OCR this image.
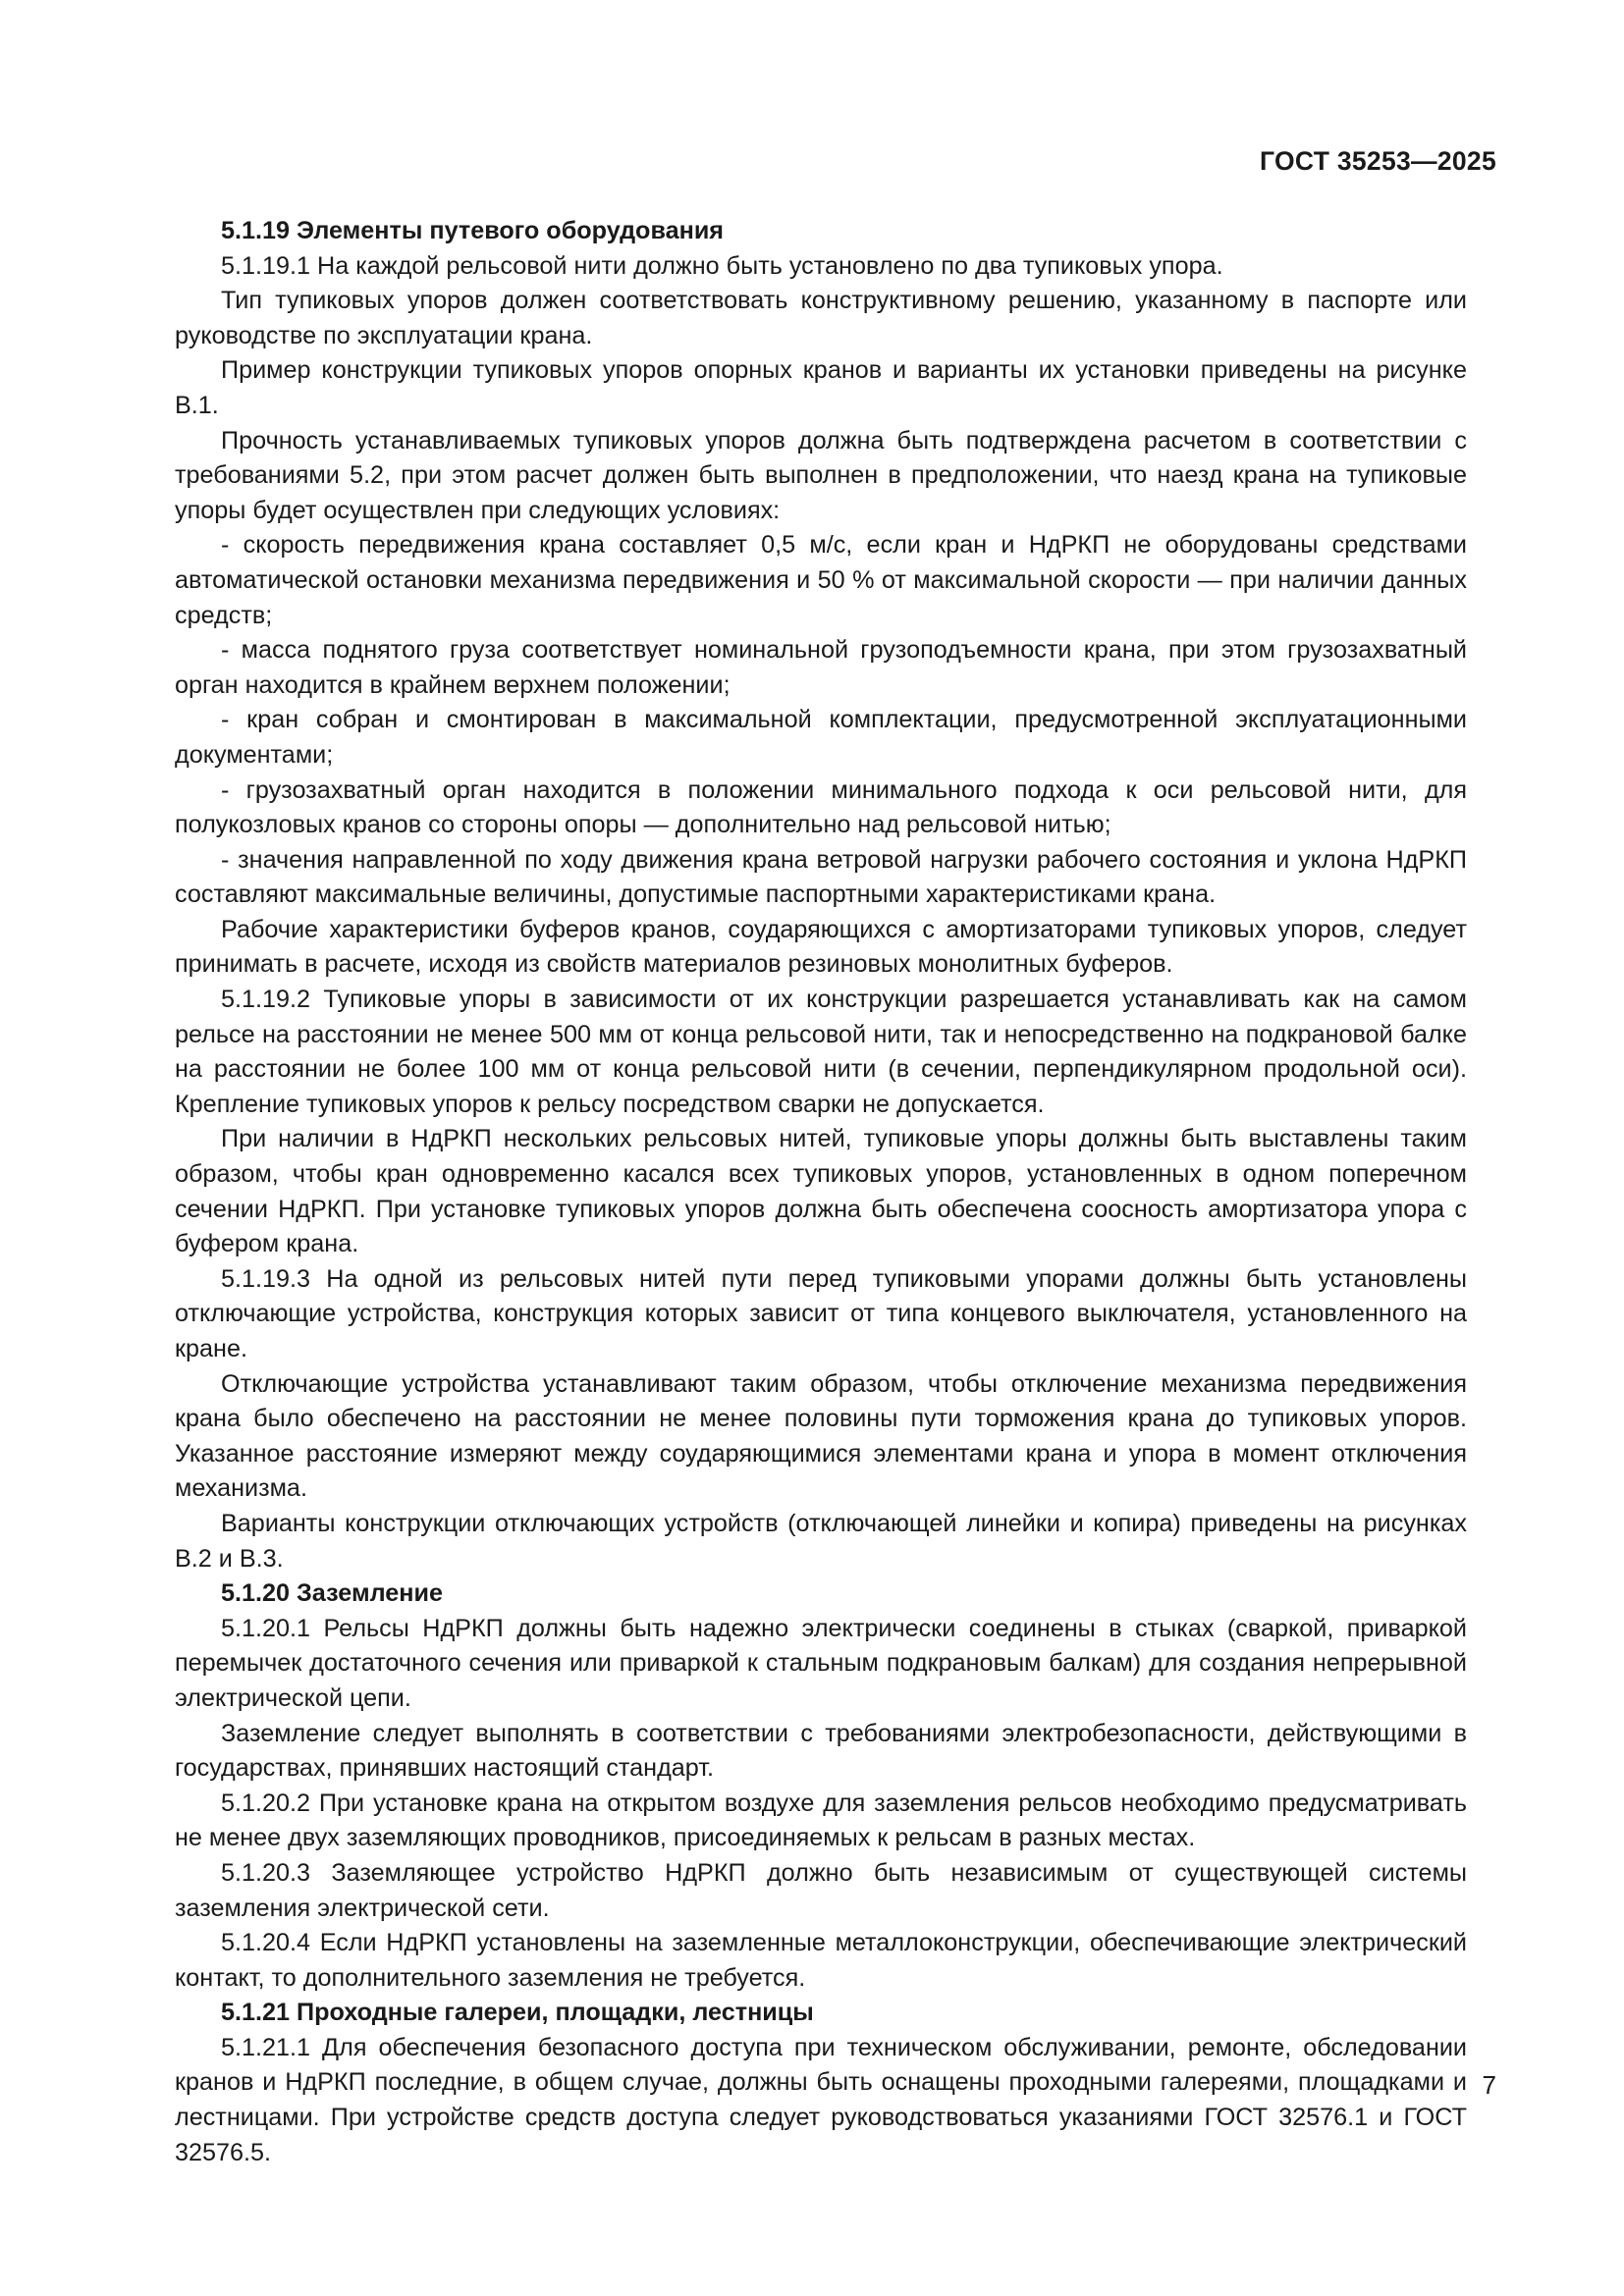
ГОСТ 35253—2025

5.1.19 Элементы путевого оборудования

5.1.19.1 На каждой рельсовой нити должно быть установлено по два тупиковых упора.

Тип тупиковых упоров должен соответствовать конструктивному решению, указанному в паспорте или руководстве по эксплуатации крана.

Пример конструкции тупиковых упоров опорных кранов и варианты их установки приведены на рисунке В.1.

Прочность устанавливаемых тупиковых упоров должна быть подтверждена расчетом в соответствии с требованиями 5.2, при этом расчет должен быть выполнен в предположении, что наезд крана на тупиковые упоры будет осуществлен при следующих условиях:

- скорость передвижения крана составляет 0,5 м/с, если кран и НдРКП не оборудованы средствами автоматической остановки механизма передвижения и 50 % от максимальной скорости — при наличии данных средств;

- масса поднятого груза соответствует номинальной грузоподъемности крана, при этом грузозахватный орган находится в крайнем верхнем положении;

- кран собран и смонтирован в максимальной комплектации, предусмотренной эксплуатационными документами;

- грузозахватный орган находится в положении минимального подхода к оси рельсовой нити, для полукозловых кранов со стороны опоры — дополнительно над рельсовой нитью;

- значения направленной по ходу движения крана ветровой нагрузки рабочего состояния и уклона НдРКП составляют максимальные величины, допустимые паспортными характеристиками крана.

Рабочие характеристики буферов кранов, соударяющихся с амортизаторами тупиковых упоров, следует принимать в расчете, исходя из свойств материалов резиновых монолитных буферов.

5.1.19.2 Тупиковые упоры в зависимости от их конструкции разрешается устанавливать как на самом рельсе на расстоянии не менее 500 мм от конца рельсовой нити, так и непосредственно на подкрановой балке на расстоянии не более 100 мм от конца рельсовой нити (в сечении, перпендикулярном продольной оси). Крепление тупиковых упоров к рельсу посредством сварки не допускается.

При наличии в НдРКП нескольких рельсовых нитей, тупиковые упоры должны быть выставлены таким образом, чтобы кран одновременно касался всех тупиковых упоров, установленных в одном поперечном сечении НдРКП. При установке тупиковых упоров должна быть обеспечена соосность амортизатора упора с буфером крана.

5.1.19.3 На одной из рельсовых нитей пути перед тупиковыми упорами должны быть установлены отключающие устройства, конструкция которых зависит от типа концевого выключателя, установленного на кране.

Отключающие устройства устанавливают таким образом, чтобы отключение механизма передвижения крана было обеспечено на расстоянии не менее половины пути торможения крана до тупиковых упоров. Указанное расстояние измеряют между соударяющимися элементами крана и упора в момент отключения механизма.

Варианты конструкции отключающих устройств (отключающей линейки и копира) приведены на рисунках В.2 и В.3.

5.1.20 Заземление

5.1.20.1 Рельсы НдРКП должны быть надежно электрически соединены в стыках (сваркой, приваркой перемычек достаточного сечения или приваркой к стальным подкрановым балкам) для создания непрерывной электрической цепи.

Заземление следует выполнять в соответствии с требованиями электробезопасности, действующими в государствах, принявших настоящий стандарт.

5.1.20.2 При установке крана на открытом воздухе для заземления рельсов необходимо предусматривать не менее двух заземляющих проводников, присоединяемых к рельсам в разных местах.

5.1.20.3 Заземляющее устройство НдРКП должно быть независимым от существующей системы заземления электрической сети.

5.1.20.4 Если НдРКП установлены на заземленные металлоконструкции, обеспечивающие электрический контакт, то дополнительного заземления не требуется.

5.1.21 Проходные галереи, площадки, лестницы

5.1.21.1 Для обеспечения безопасного доступа при техническом обслуживании, ремонте, обследовании кранов и НдРКП последние, в общем случае, должны быть оснащены проходными галереями, площадками и лестницами. При устройстве средств доступа следует руководствоваться указаниями ГОСТ 32576.1 и ГОСТ 32576.5.

7
